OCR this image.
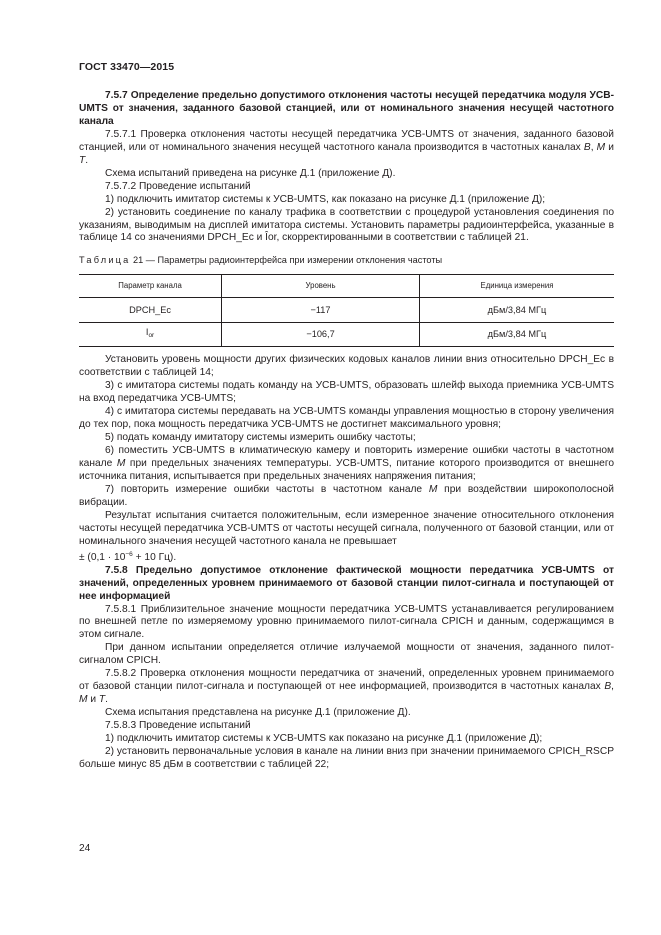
ГОСТ 33470—2015

7.5.7 Определение предельно допустимого отклонения частоты несущей передатчика модуля УСВ-UMTS от значения, заданного базовой станцией, или от номинального значения несущей частотного канала

7.5.7.1 Проверка отклонения частоты несущей передатчика УСВ-UMTS от значения, заданного базовой станцией, или от номинального значения несущей частотного канала производится в частотных каналах B, M и T.

Схема испытаний приведена на рисунке Д.1 (приложение Д).

7.5.7.2 Проведение испытаний

1) подключить имитатор системы к УСВ-UMTS, как показано на рисунке Д.1 (приложение Д);

2) установить соединение по каналу трафика в соответствии с процедурой установления соединения по указаниям, выводимым на дисплей имитатора системы. Установить параметры радиоинтерфейса, указанные в таблице 14 со значениями DPCH_Ec и Îor, скорректированными в соответствии с таблицей 21.

Таблица 21 — Параметры радиоинтерфейса при измерении отклонения частоты

Параметр канала	Уровень	Единица измерения
DPCH_Ec	−117	дБм/3,84 МГц
$I_{or}$	−106,7	дБм/3,84 МГц

Установить уровень мощности других физических кодовых каналов линии вниз относительно DPCH_Ec в соответствии с таблицей 14;

3) с имитатора системы подать команду на УСВ-UMTS, образовать шлейф выхода приемника УСВ-UMTS на вход передатчика УСВ-UMTS;

4) с имитатора системы передавать на УСВ-UMTS команды управления мощностью в сторону увеличения до тех пор, пока мощность передатчика УСВ-UMTS не достигнет максимального уровня;

5) подать команду имитатору системы измерить ошибку частоты;

6) поместить УСВ-UMTS в климатическую камеру и повторить измерение ошибки частоты в частотном канале M при предельных значениях температуры. УСВ-UMTS, питание которого производится от внешнего источника питания, испытывается при предельных значениях напряжения питания;

7) повторить измерение ошибки частоты в частотном канале M при воздействии широкополосной вибрации.

Результат испытания считается положительным, если измеренное значение относительного отклонения частоты несущей передатчика УСВ-UMTS от частоты несущей сигнала, полученного от базовой станции, или от номинального значения несущей частотного канала не превышает
± ($0,1 \cdot 10^{-6} + 10$ Гц).

7.5.8 Предельно допустимое отклонение фактической мощности передатчика УСВ-UMTS от значений, определенных уровнем принимаемого от базовой станции пилот-сигнала и поступающей от нее информацией

7.5.8.1 Приблизительное значение мощности передатчика УСВ-UMTS устанавливается регулированием по внешней петле по измеряемому уровню принимаемого пилот-сигнала CPICH и данным, содержащимся в этом сигнале.

При данном испытании определяется отличие излучаемой мощности от значения, заданного пилот-сигналом CPICH.

7.5.8.2 Проверка отклонения мощности передатчика от значений, определенных уровнем принимаемого от базовой станции пилот-сигнала и поступающей от нее информацией, производится в частотных каналах B, M и T.

Схема испытания представлена на рисунке Д.1 (приложение Д).

7.5.8.3 Проведение испытаний

1) подключить имитатор системы к УСВ-UMTS как показано на рисунке Д.1 (приложение Д);

2) установить первоначальные условия в канале на линии вниз при значении принимаемого CPICH_RSCP больше минус 85 дБм в соответствии с таблицей 22;

24
